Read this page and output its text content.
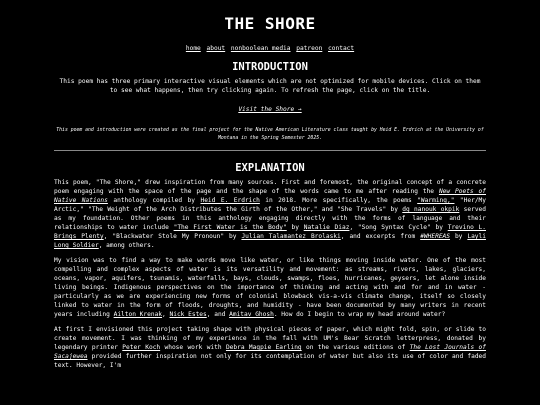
THE SHORE
home about nonboolean media patreon contact
INTRODUCTION

This poem has three primary interactive visual elements which are not optimized for mobile devices. Click on them to see what happens, then try clicking again. To refresh the page, click on the title.

Visit the Shore →

This poem and introduction were created as the final project for the Native American Literature class taught by Heid E. Erdrich at the University of Montana in the Spring Semester 2025.

EXPLANATION

This poem, "The Shore," drew inspiration from many sources. First and foremost, the original concept of a concrete poem engaging with the space of the page and the shape of the words came to me after reading the New Poets of Native Nations anthology compiled by Heid E. Erdrich in 2018. More specifically, the poems "Warming," "Her/My Arctic," "The Weight of the Arch Distributes the Girth of the Other," and "She Travels" by dg nanouk okpik served as my foundation. Other poems in this anthology engaging directly with the forms of language and their relationships to water include "The First Water is the Body" by Natalie Diaz, "Song Syntax Cycle" by Trevino L. Brings Plenty, "Blackwater Stole My Pronoun" by Julian Talamantez Brolaski, and excerpts from #WHEREAS by Layli Long Soldier, among others.

My vision was to find a way to make words move like water, or like things moving inside water. One of the most compelling and complex aspects of water is its versatility and movement: as streams, rivers, lakes, glaciers, oceans, vapor, aquifers, tsunamis, waterfalls, bays, clouds, swamps, floes, hurricanes, geysers, let alone inside living beings. Indigenous perspectives on the importance of thinking and acting with and for and in water - particularly as we are experiencing new forms of colonial blowback vis-a-vis climate change, itself so closely linked to water in the form of floods, droughts, and humidity - have been documented by many writers in recent years including Ailton Krenak, Nick Estes, and Amitav Ghosh. How do I begin to wrap my head around water?

At first I envisioned this project taking shape with physical pieces of paper, which might fold, spin, or slide to create movement. I was thinking of my experience in the fall with UM's Bear Scratch letterpress, donated by legendary printer Peter Koch whose work with Debra Magpie Earling on the various editions of The Lost Journals of Sacajewea provided further inspiration not only for its contemplation of water but also its use of color and faded text. However, I'm
